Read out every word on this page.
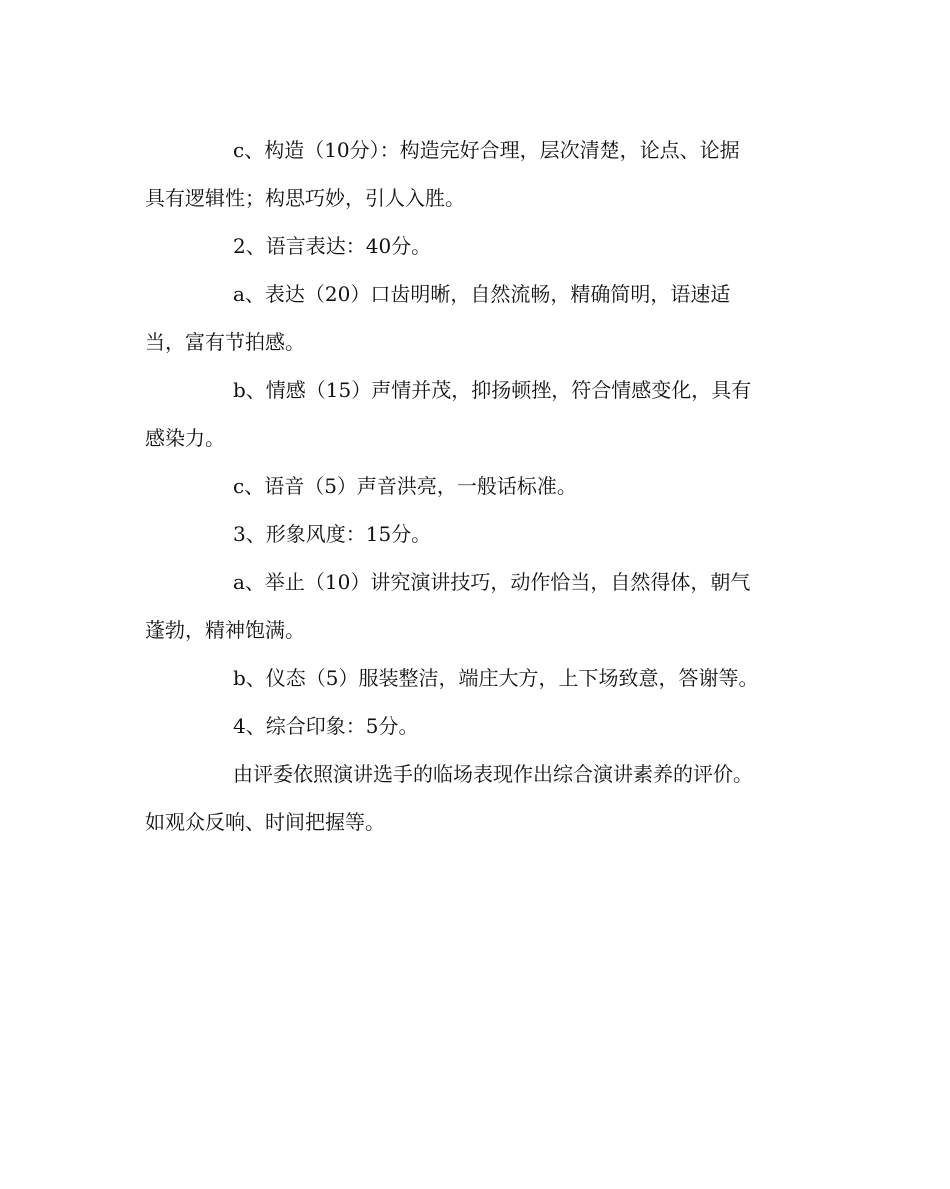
c、构造（10分）：构造完好合理，层次清楚，论点、论据
具有逻辑性；构思巧妙，引人入胜。
2、语言表达：40分。
a、表达（20）口齿明晰，自然流畅，精确简明，语速适
当，富有节拍感。
b、情感（15）声情并茂，抑扬顿挫，符合情感变化，具有
感染力。
c、语音（5）声音洪亮，一般话标准。
3、形象风度：15分。
a、举止（10）讲究演讲技巧，动作恰当，自然得体，朝气
蓬勃，精神饱满。
b、仪态（5）服装整洁，端庄大方，上下场致意，答谢等。
4、综合印象：5分。
由评委依照演讲选手的临场表现作出综合演讲素养的评价。
如观众反响、时间把握等。
